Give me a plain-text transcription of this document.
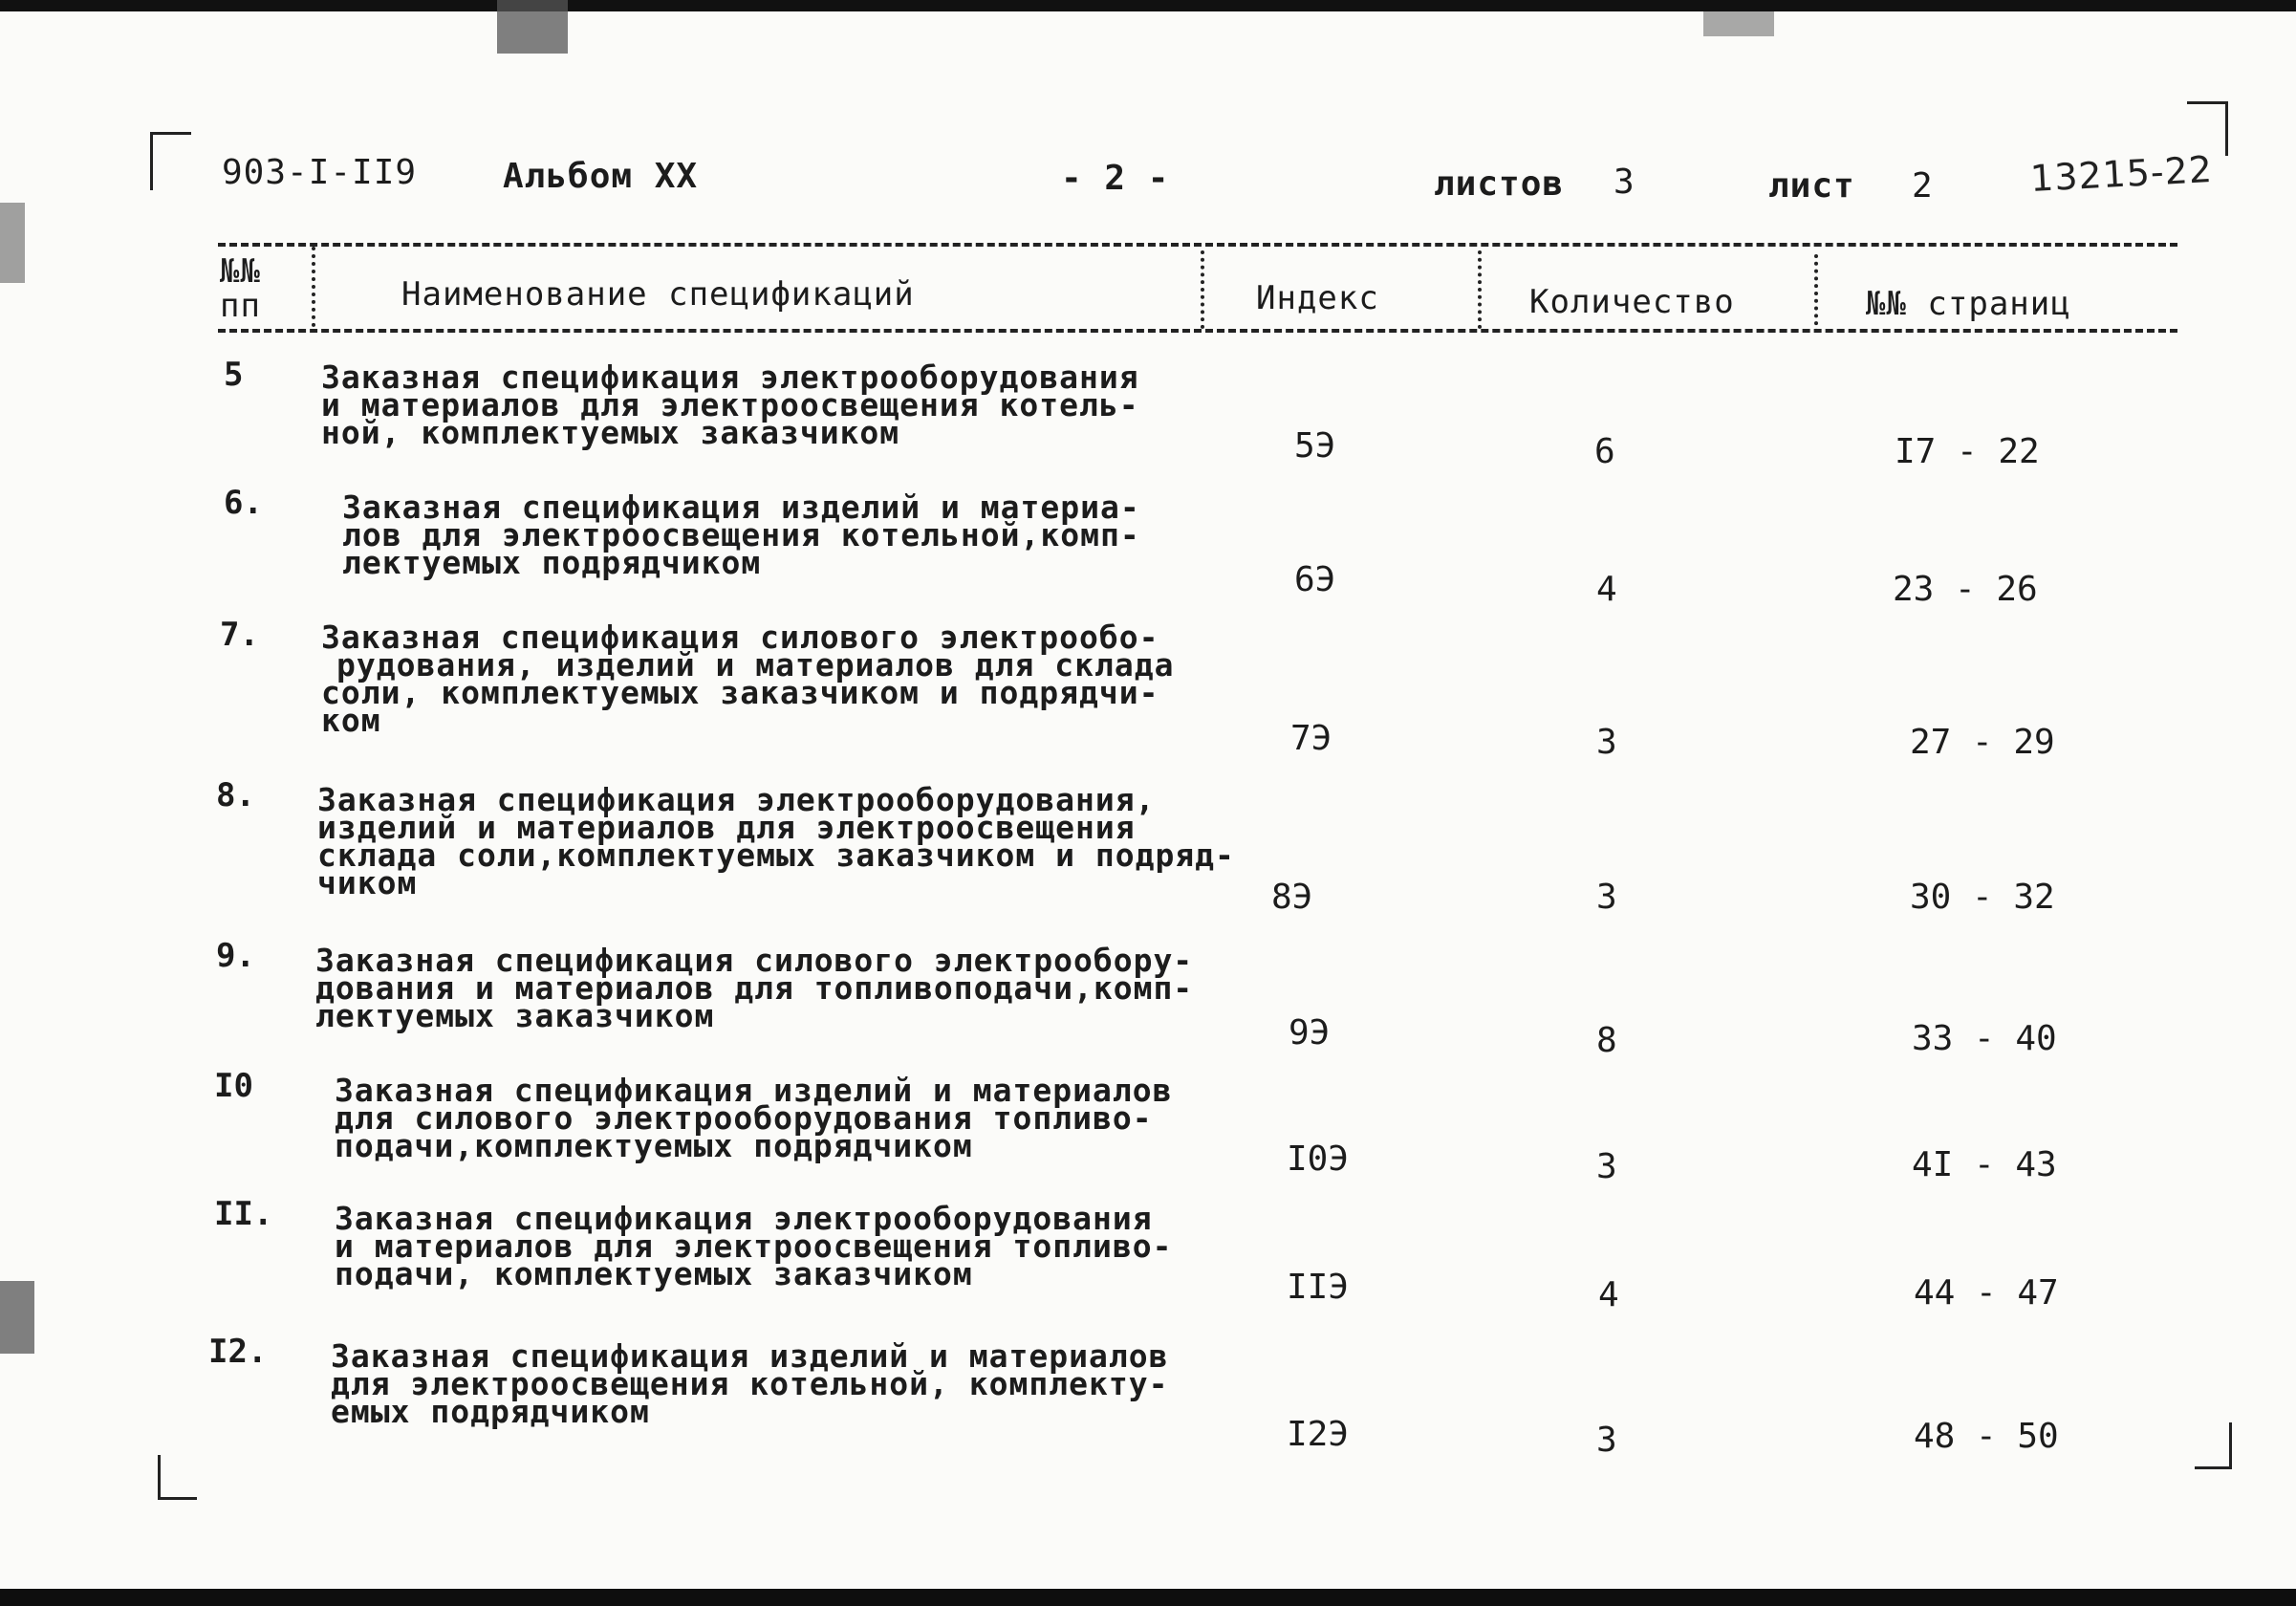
903-I-II9 Альбом XX	- 2 -	листов 3	лист 2	13215-22
№№
пп	Наименование спецификаций	Индекс	Количество	№№ страниц
5 Заказная спецификация электрооборудования
и материалов для электроосвещения котель-
ной, комплектуемых заказчиком	5Э	6	I7 - 22
6.	Заказная спецификация изделий и материа-
лов для электроосвещения котельной,комп-
лектуемых подрядчиком	6Э	4	23 - 26
7. Заказная спецификация силового электрообо-
рудования, изделий и материалов для склада
соли, комплектуемых заказчиком и подрядчи-
ком	7Э	3	27 - 29
8. Заказная спецификация электрооборудования,
изделий и материалов для электроосвещения
склада соли,комплектуемых заказчиком и подряд-
чиком	8Э	3	30 - 32
9. Заказная спецификация силового электрообору-
дования и материалов для топливоподачи,комп-
лектуемых заказчиком	9Э	8	33 - 40
I0	Заказная спецификация изделий и материалов
для силового электрооборудования топливо-
подачи,комплектуемых подрядчиком	I0Э	3	4I - 43
II. Заказная спецификация электрооборудования
и материалов для электроосвещения топливо-
подачи, комплектуемых заказчиком	IIЭ	4	44 - 47
I2. Заказная спецификация изделий и материалов
для электроосвещения котельной, комплекту-
емых подрядчиком
I2Э	3	48 - 50
